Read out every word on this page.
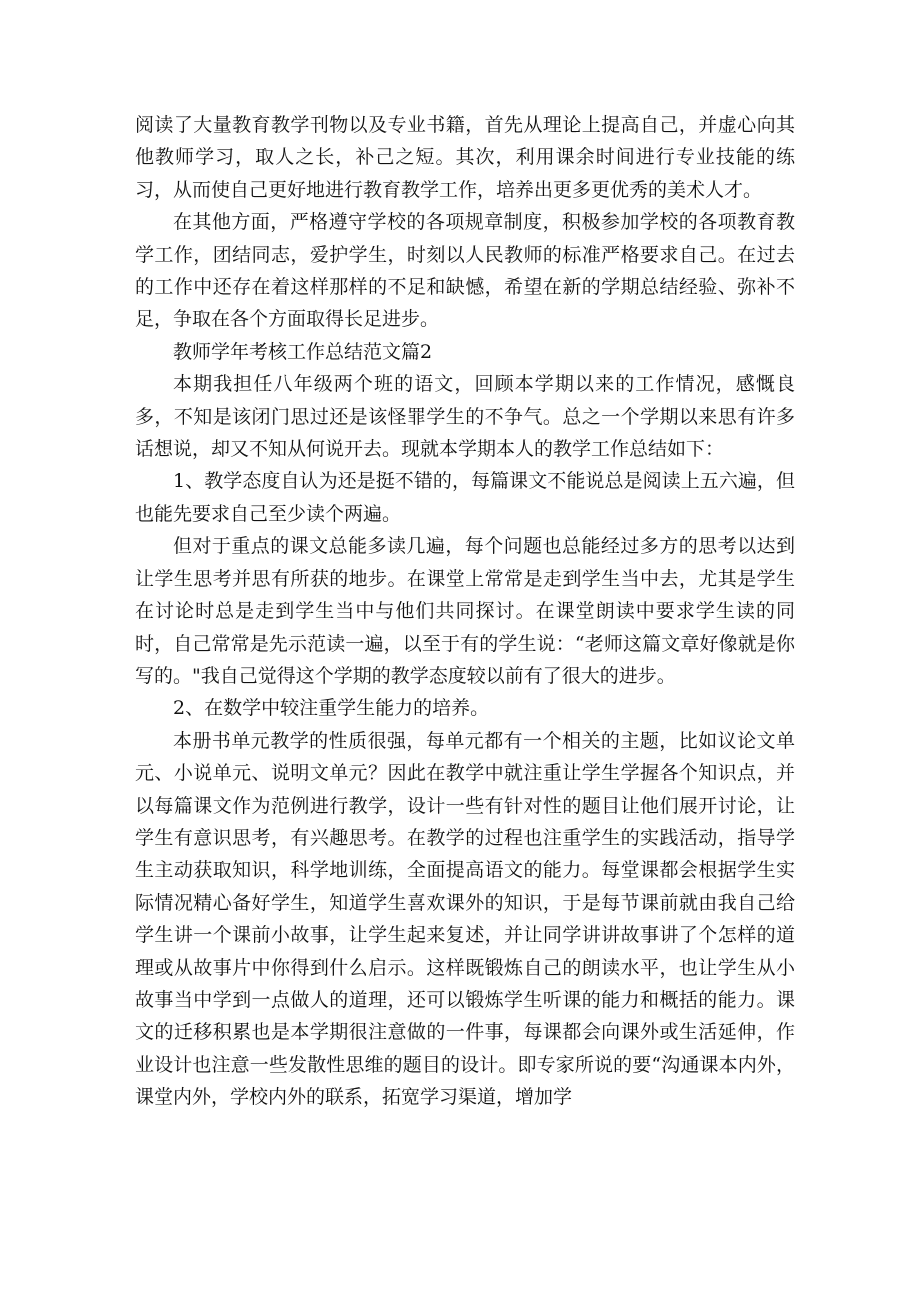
阅读了大量教育教学刊物以及专业书籍，首先从理论上提高自己，并虚心向其他教师学习，取人之长，补己之短。其次，利用课余时间进行专业技能的练习，从而使自己更好地进行教育教学工作，培养出更多更优秀的美术人才。

在其他方面，严格遵守学校的各项规章制度，积极参加学校的各项教育教学工作，团结同志，爱护学生，时刻以人民教师的标准严格要求自己。在过去的工作中还存在着这样那样的不足和缺憾，希望在新的学期总结经验、弥补不足，争取在各个方面取得长足进步。

教师学年考核工作总结范文篇2

本期我担任八年级两个班的语文，回顾本学期以来的工作情况，感慨良多，不知是该闭门思过还是该怪罪学生的不争气。总之一个学期以来思有许多话想说，却又不知从何说开去。现就本学期本人的教学工作总结如下：

1、教学态度自认为还是挺不错的，每篇课文不能说总是阅读上五六遍，但也能先要求自己至少读个两遍。

但对于重点的课文总能多读几遍，每个问题也总能经过多方的思考以达到让学生思考并思有所获的地步。在课堂上常常是走到学生当中去，尤其是学生在讨论时总是走到学生当中与他们共同探讨。在课堂朗读中要求学生读的同时，自己常常是先示范读一遍，以至于有的学生说：“老师这篇文章好像就是你写的。"我自己觉得这个学期的教学态度较以前有了很大的进步。

2、在数学中较注重学生能力的培养。

本册书单元教学的性质很强，每单元都有一个相关的主题，比如议论文单元、小说单元、说明文单元？因此在教学中就注重让学生学握各个知识点，并以每篇课文作为范例进行教学，设计一些有针对性的题目让他们展开讨论，让学生有意识思考，有兴趣思考。在教学的过程也注重学生的实践活动，指导学生主动获取知识，科学地训练，全面提高语文的能力。每堂课都会根据学生实际情况精心备好学生，知道学生喜欢课外的知识，于是每节课前就由我自己给学生讲一个课前小故事，让学生起来复述，并让同学讲讲故事讲了个怎样的道理或从故事片中你得到什么启示。这样既锻炼自己的朗读水平，也让学生从小故事当中学到一点做人的道理，还可以锻炼学生听课的能力和概括的能力。课文的迁移积累也是本学期很注意做的一件事，每课都会向课外或生活延伸，作业设计也注意一些发散性思维的题目的设计。即专家所说的要“沟通课本内外，课堂内外，学校内外的联系，拓宽学习渠道，增加学
